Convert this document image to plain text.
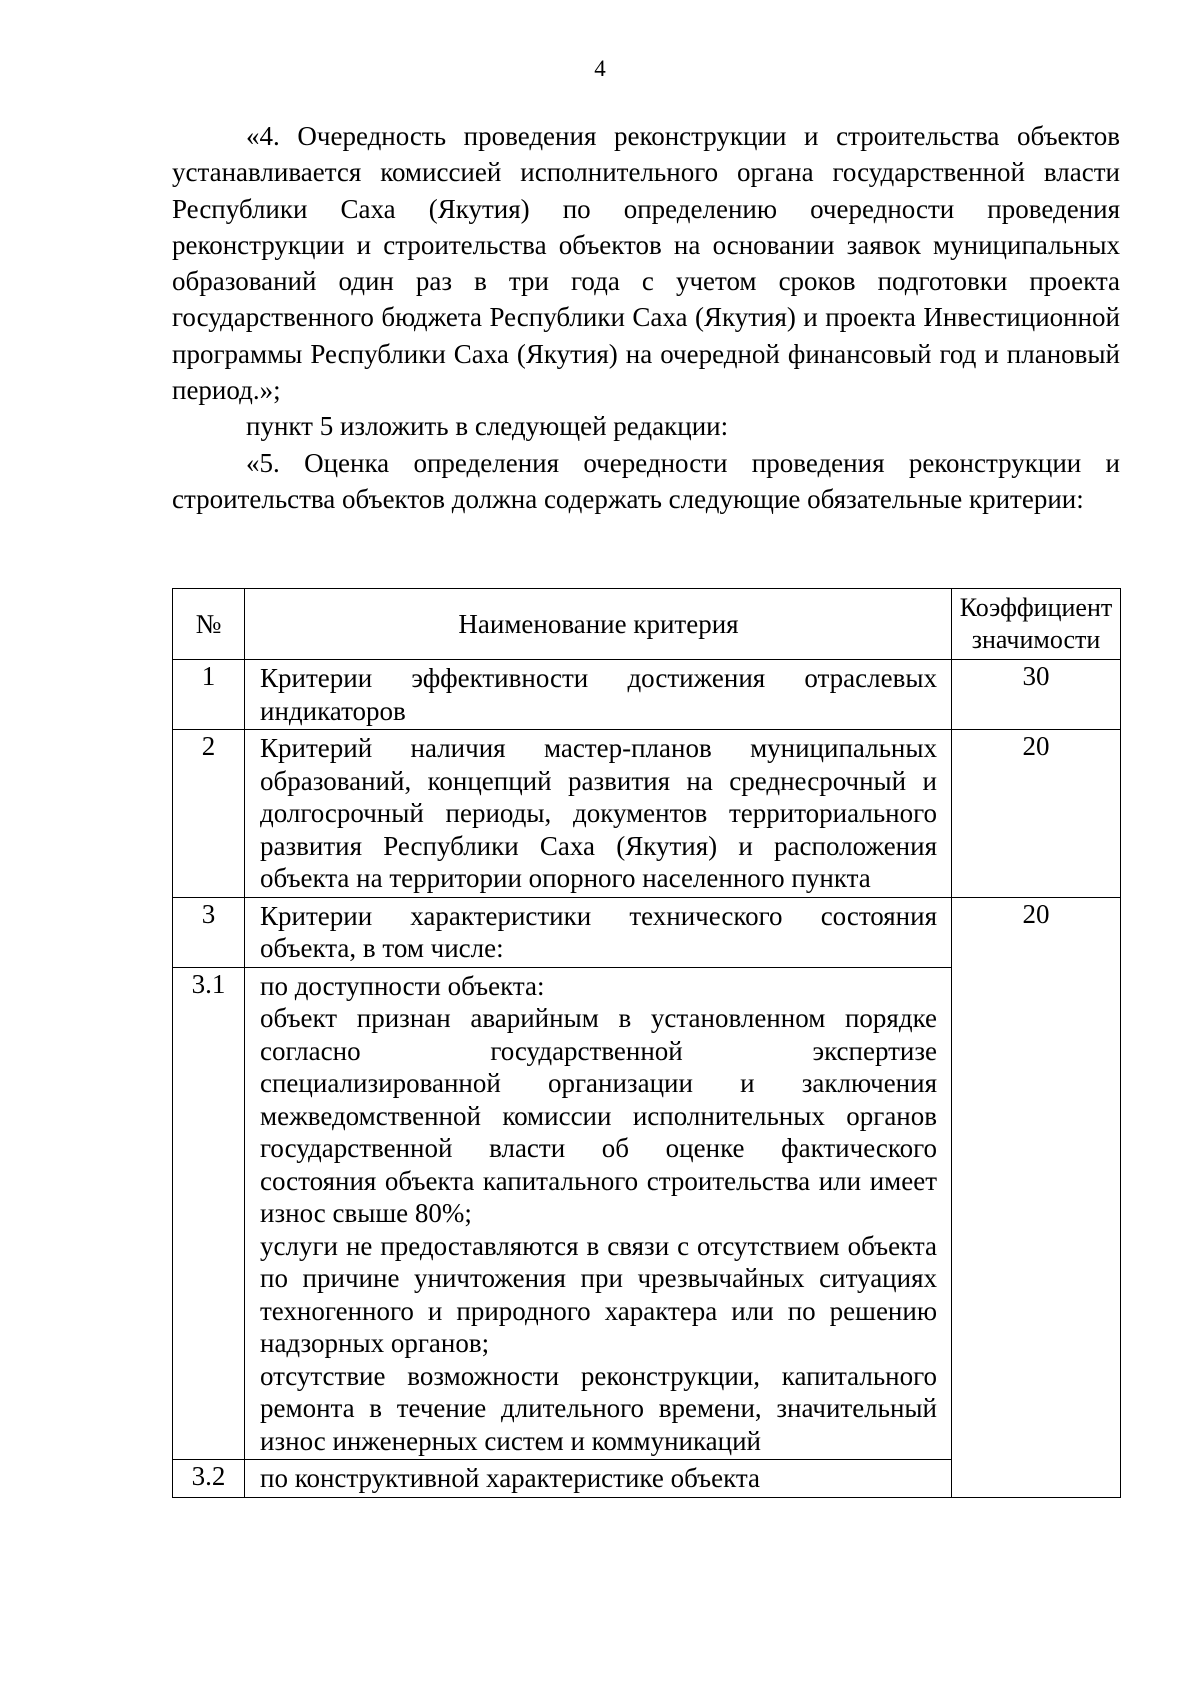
4

«4. Очередность проведения реконструкции и строительства объектов устанавливается комиссией исполнительного органа государственной власти Республики Саха (Якутия) по определению очередности проведения реконструкции и строительства объектов на основании заявок муниципальных образований один раз в три года с учетом сроков подготовки проекта государственного бюджета Республики Саха (Якутия) и проекта Инвестиционной программы Республики Саха (Якутия) на очередной финансовый год и плановый период.»;

пункт 5 изложить в следующей редакции:

«5. Оценка определения очередности проведения реконструкции и строительства объектов должна содержать следующие обязательные критерии:

№	Наименование критерия	Коэффициент значимости
1	Критерии эффективности достижения отраслевых индикаторов	30
2	Критерий наличия мастер-планов муниципальных образований, концепций развития на среднесрочный и долгосрочный периоды, документов территориального развития Республики Саха (Якутия) и расположения объекта на территории опорного населенного пункта	20
3	Критерии характеристики технического состояния объекта, в том числе:	20
3.1	по доступности объекта:
объект признан аварийным в установленном порядке согласно государственной экспертизе специализированной организации и заключения межведомственной комиссии исполнительных органов государственной власти об оценке фактического состояния объекта капитального строительства или имеет износ свыше 80%;
услуги не предоставляются в связи с отсутствием объекта по причине уничтожения при чрезвычайных ситуациях техногенного и природного характера или по решению надзорных органов;
отсутствие возможности реконструкции, капитального ремонта в течение длительного времени, значительный износ инженерных систем и коммуникаций	

3.2	по конструктивной характеристике объекта	
